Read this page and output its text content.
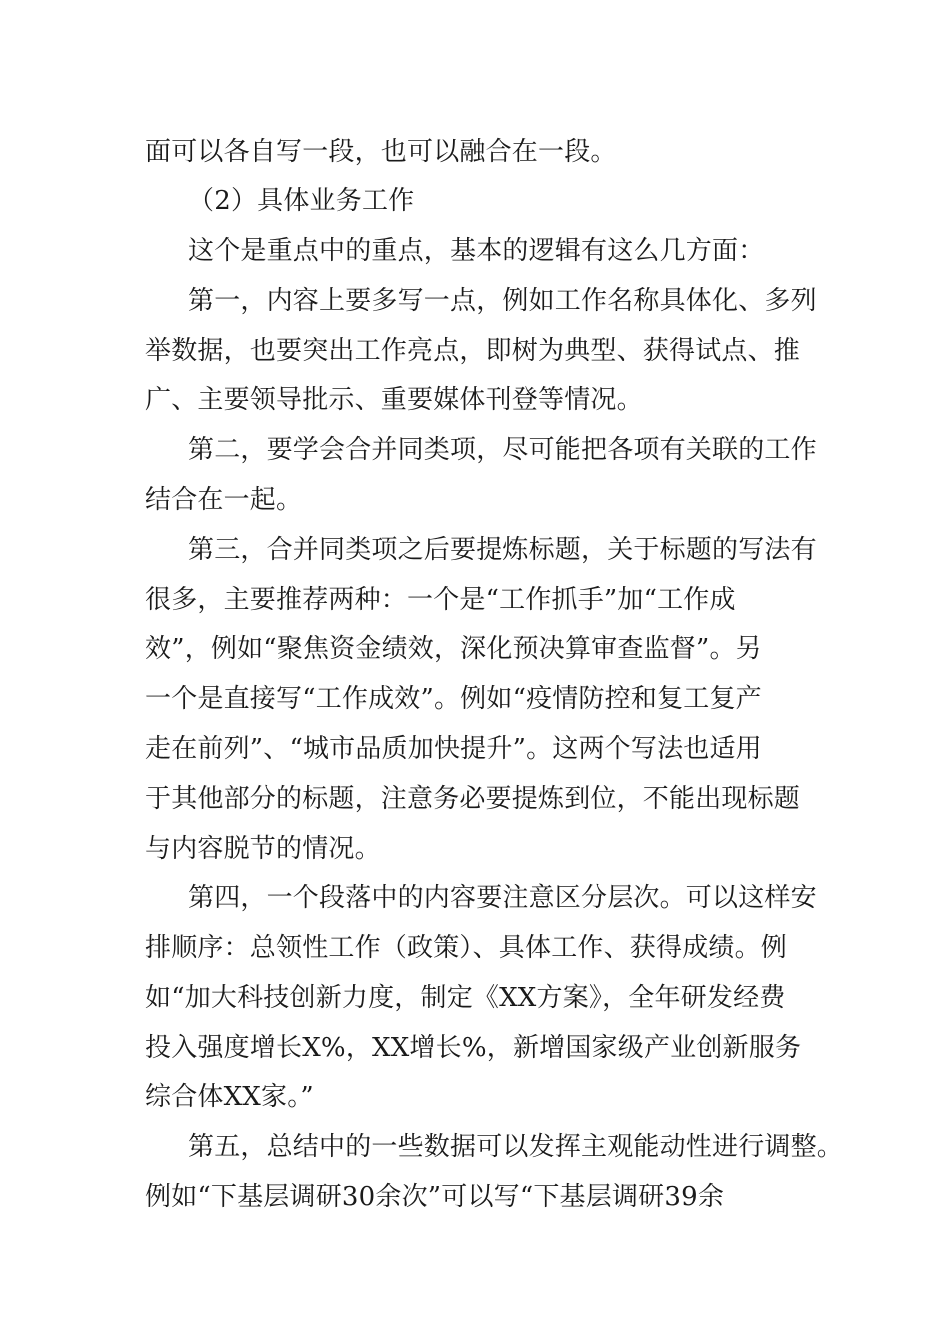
面可以各自写一段，也可以融合在一段。
（2）具体业务工作
这个是重点中的重点，基本的逻辑有这么几方面：
第一，内容上要多写一点，例如工作名称具体化、多列
举数据，也要突出工作亮点，即树为典型、获得试点、推
广、主要领导批示、重要媒体刊登等情况。
第二，要学会合并同类项，尽可能把各项有关联的工作
结合在一起。
第三，合并同类项之后要提炼标题，关于标题的写法有
很多，主要推荐两种：一个是“工作抓手”加“工作成
效”，例如“聚焦资金绩效，深化预决算审查监督”。另
一个是直接写“工作成效”。例如“疫情防控和复工复产
走在前列”、“城市品质加快提升”。这两个写法也适用
于其他部分的标题，注意务必要提炼到位，不能出现标题
与内容脱节的情况。
第四，一个段落中的内容要注意区分层次。可以这样安
排顺序：总领性工作（政策）、具体工作、获得成绩。例
如“加大科技创新力度，制定《XX方案》，全年研发经费
投入强度增长X%，XX增长%，新增国家级产业创新服务
综合体XX家。”
第五，总结中的一些数据可以发挥主观能动性进行调整。
例如“下基层调研30余次”可以写“下基层调研39余
